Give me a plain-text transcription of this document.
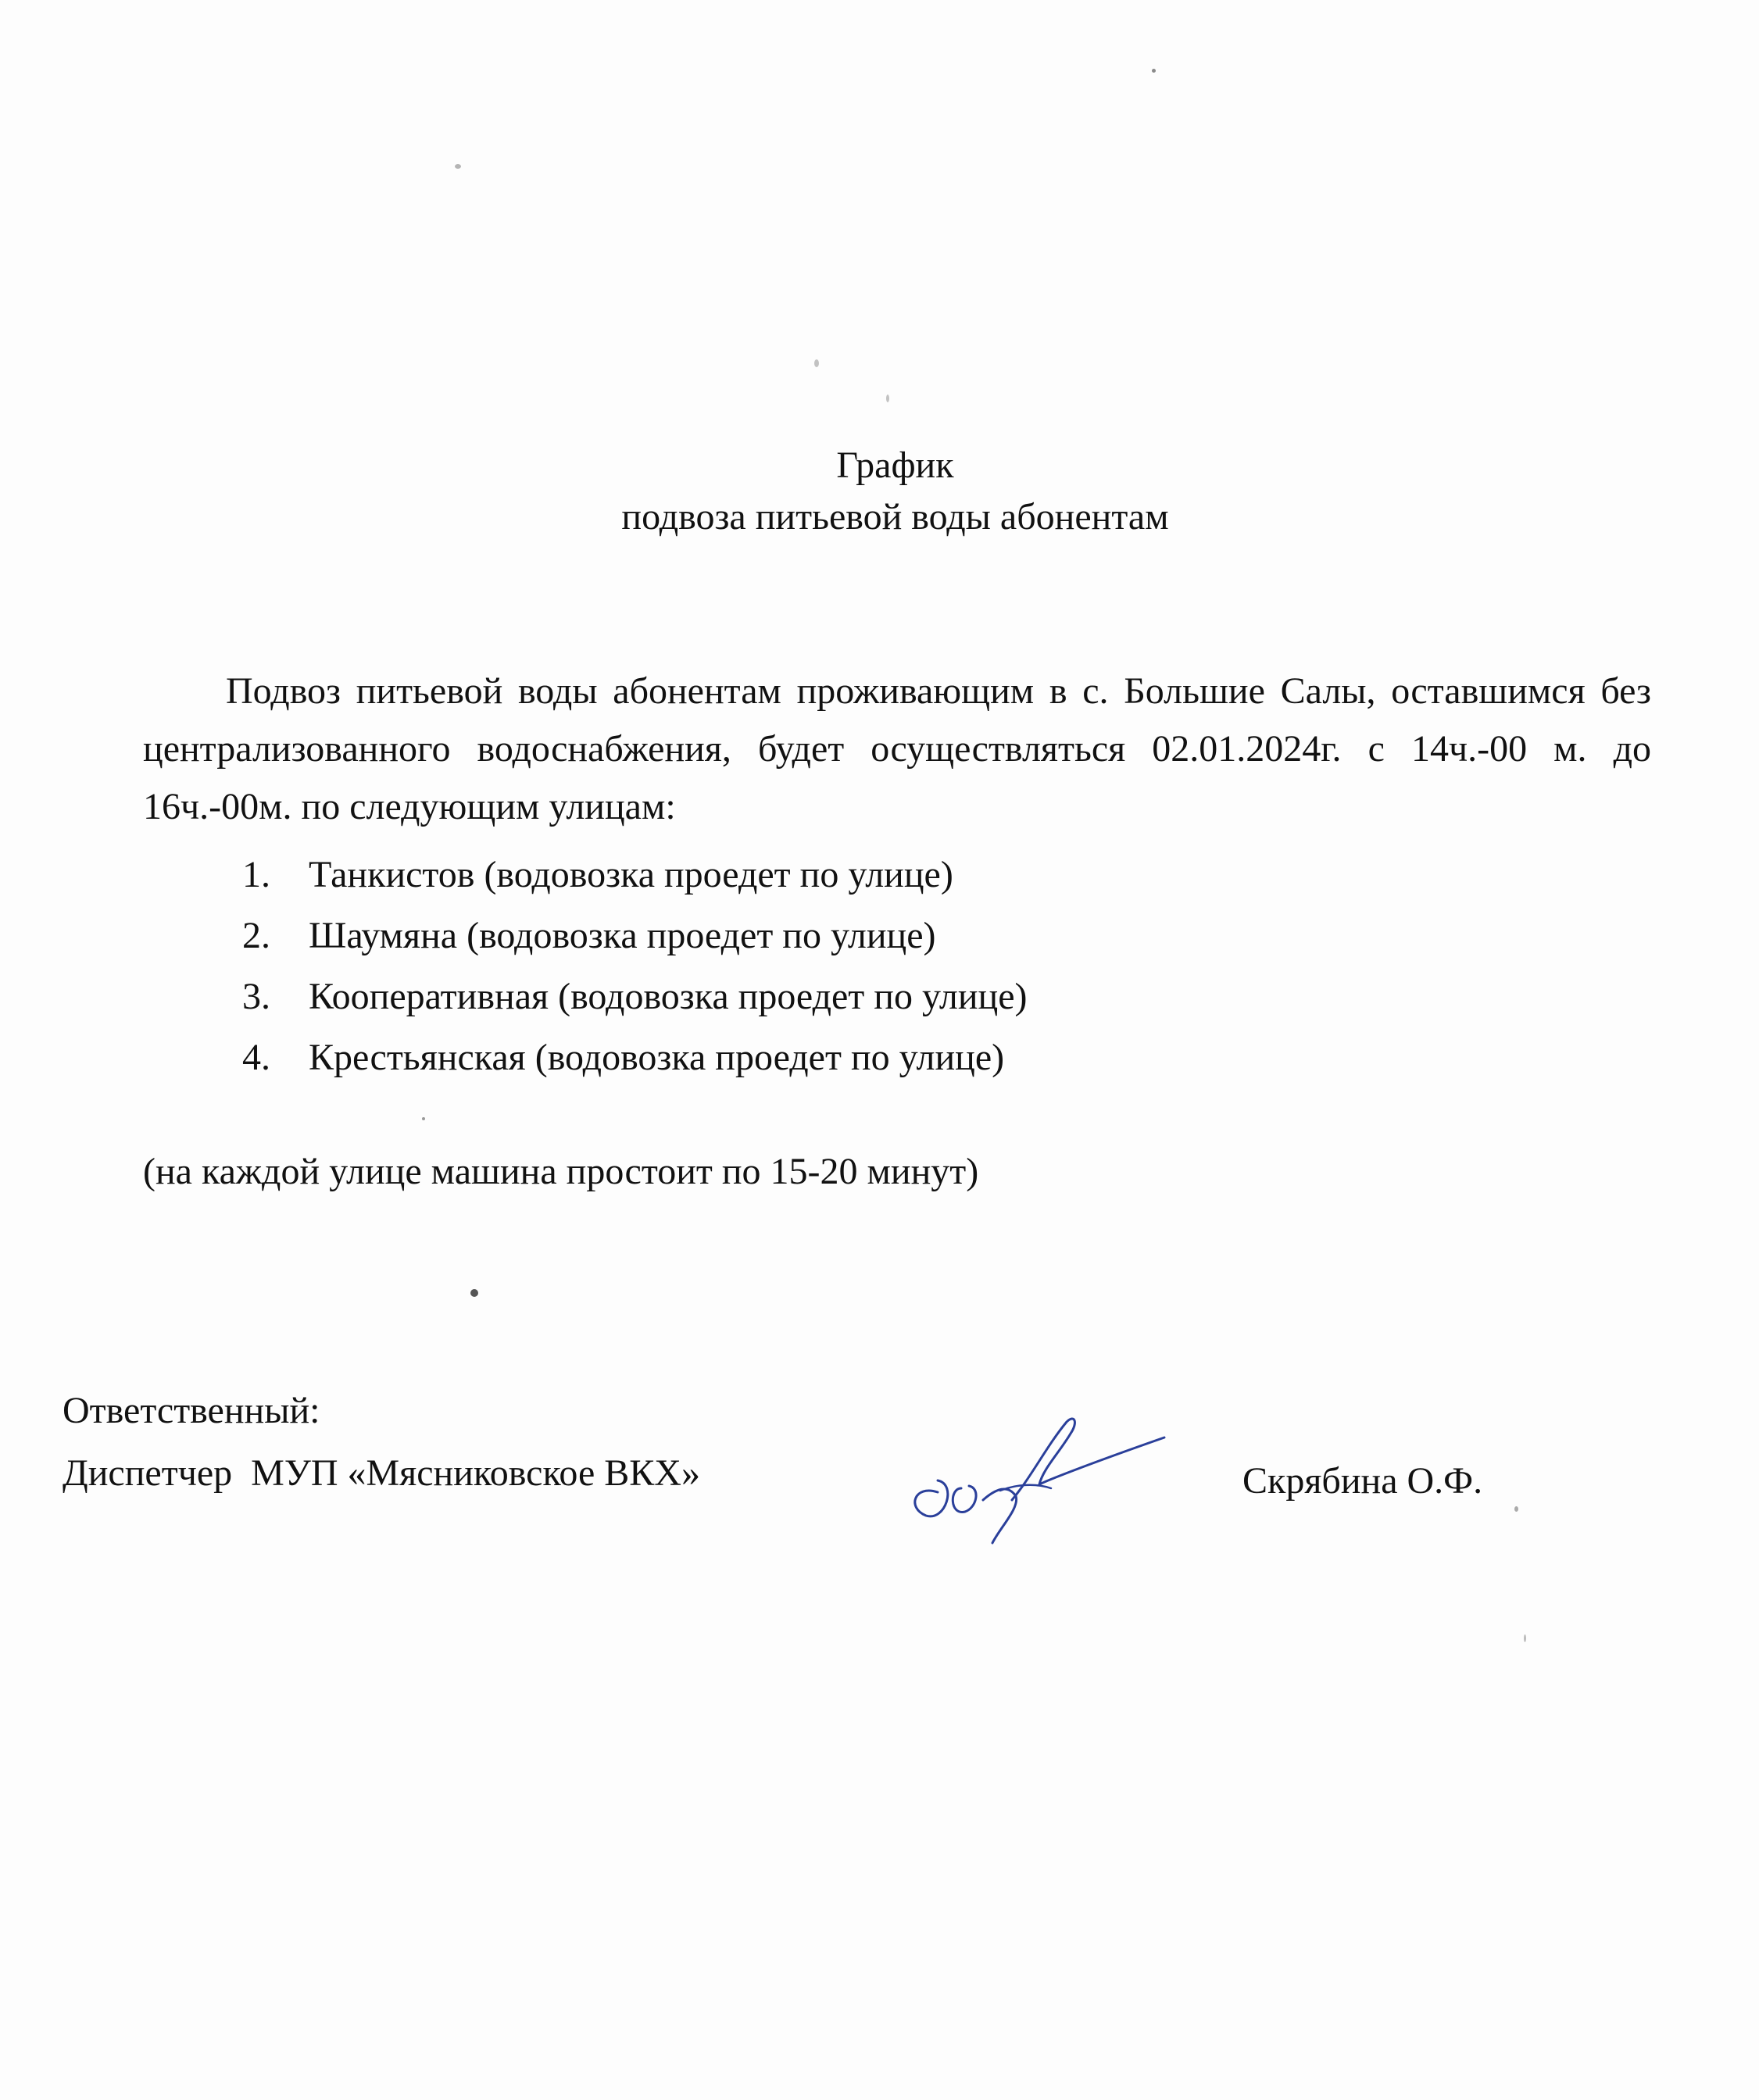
График
подвоза питьевой воды абонентам

Подвоз питьевой воды абонентам проживающим в с. Большие Салы, оставшимся без централизованного водоснабжения, будет осуществляться 02.01.2024г. с 14ч.-00 м. до 16ч.-00м. по следующим улицам:

1.	Танкистов (водовозка проедет по улице)
2.	Шаумяна (водовозка проедет по улице)
3.	Кооперативная (водовозка проедет по улице)
4.	Крестьянская (водовозка проедет по улице)

(на каждой улице машина простоит по 15-20 минут)

Ответственный:

Диспетчер  МУП «Мясниковское ВКХ»	Скрябина О.Ф.
